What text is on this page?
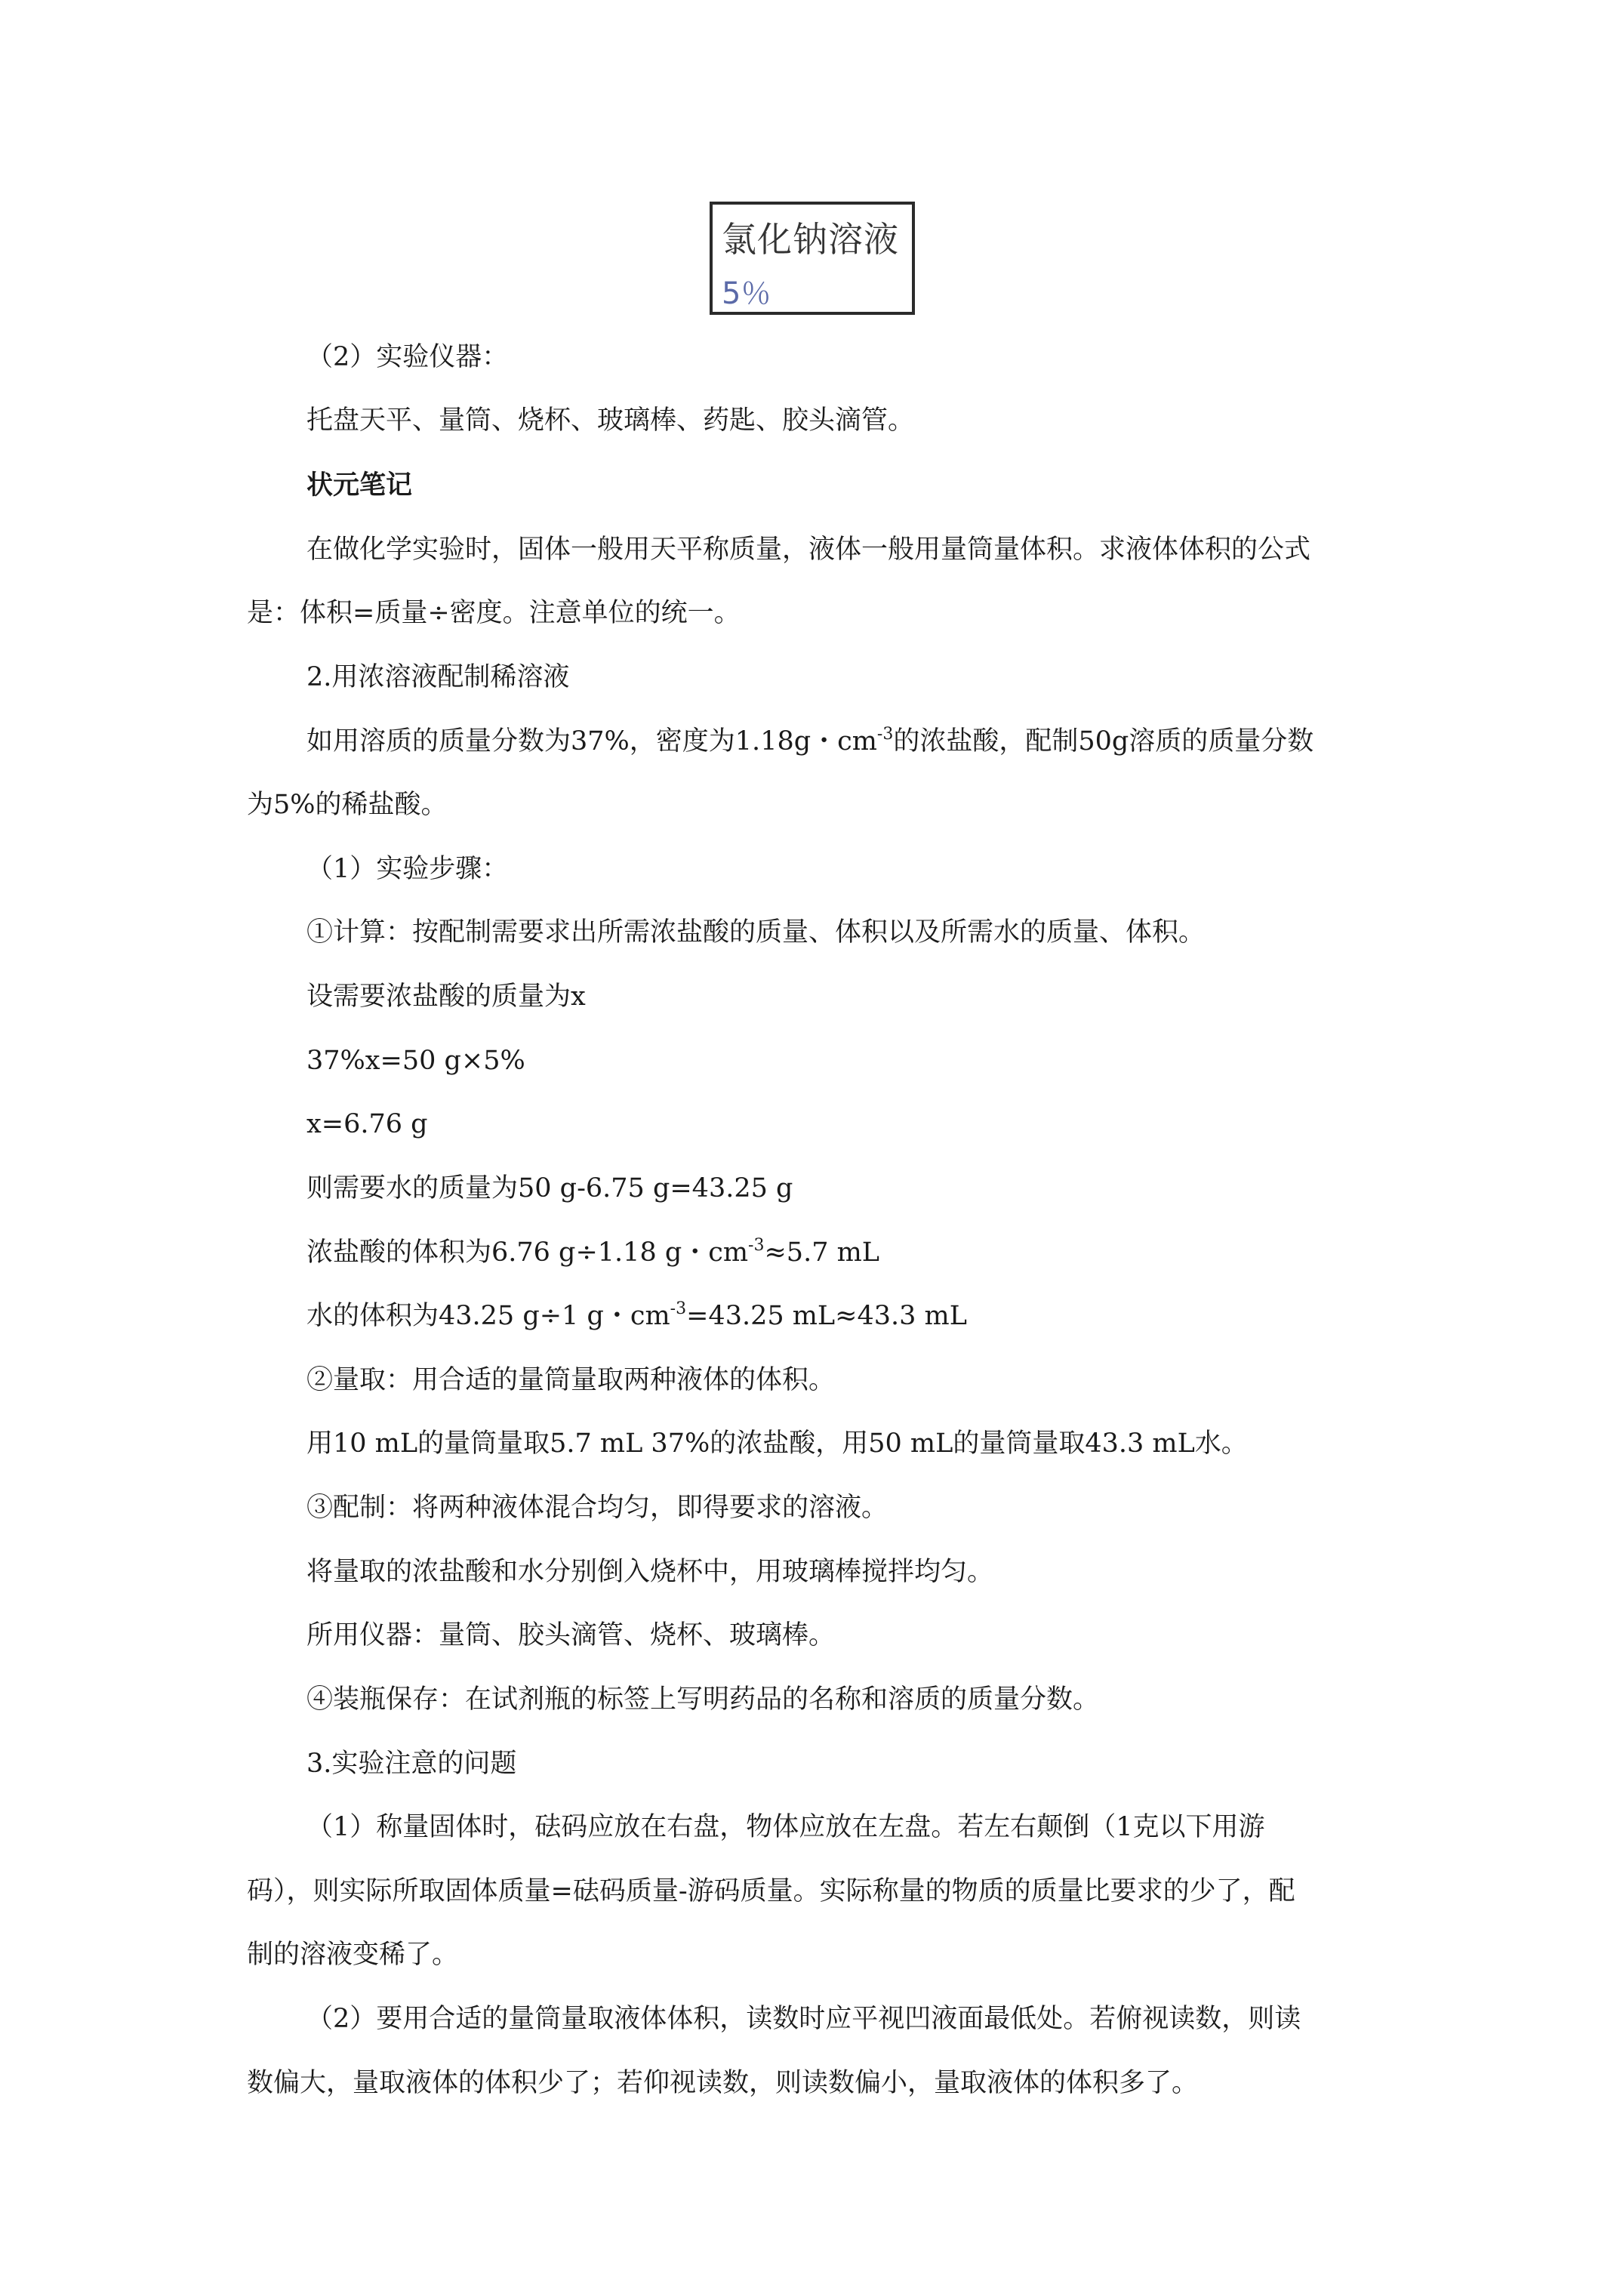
氯化钠溶液
5％
（2）实验仪器：
托盘天平、量筒、烧杯、玻璃棒、药匙、胶头滴管。
状元笔记
在做化学实验时，固体一般用天平称质量，液体一般用量筒量体积。求液体体积的公式
是：体积=质量÷密度。注意单位的统一。
2.用浓溶液配制稀溶液
如用溶质的质量分数为37%，密度为1.18g・$cm^{-3}$的浓盐酸，配制50g溶质的质量分数
为5%的稀盐酸。
（1）实验步骤：
①计算：按配制需要求出所需浓盐酸的质量、体积以及所需水的质量、体积。
设需要浓盐酸的质量为x
37%x=50 g×5%
x=6.76 g
则需要水的质量为50 g-6.75 g=43.25 g
浓盐酸的体积为6.76 g÷1.18 g・$cm^{-3}\approx 5.7$ mL
水的体积为43.25 g÷1 g・$cm^{-3}=43.25$ mL≈43.3 mL
②量取：用合适的量筒量取两种液体的体积。
用10 mL的量筒量取5.7 mL 37%的浓盐酸，用50 mL的量筒量取43.3 mL水。
③配制：将两种液体混合均匀，即得要求的溶液。
将量取的浓盐酸和水分别倒入烧杯中，用玻璃棒搅拌均匀。
所用仪器：量筒、胶头滴管、烧杯、玻璃棒。
④装瓶保存：在试剂瓶的标签上写明药品的名称和溶质的质量分数。
3.实验注意的问题
（1）称量固体时，砝码应放在右盘，物体应放在左盘。若左右颠倒（1克以下用游
码），则实际所取固体质量=砝码质量-游码质量。实际称量的物质的质量比要求的少了，配
制的溶液变稀了。
（2）要用合适的量筒量取液体体积，读数时应平视凹液面最低处。若俯视读数，则读
数偏大，量取液体的体积少了；若仰视读数，则读数偏小，量取液体的体积多了。
